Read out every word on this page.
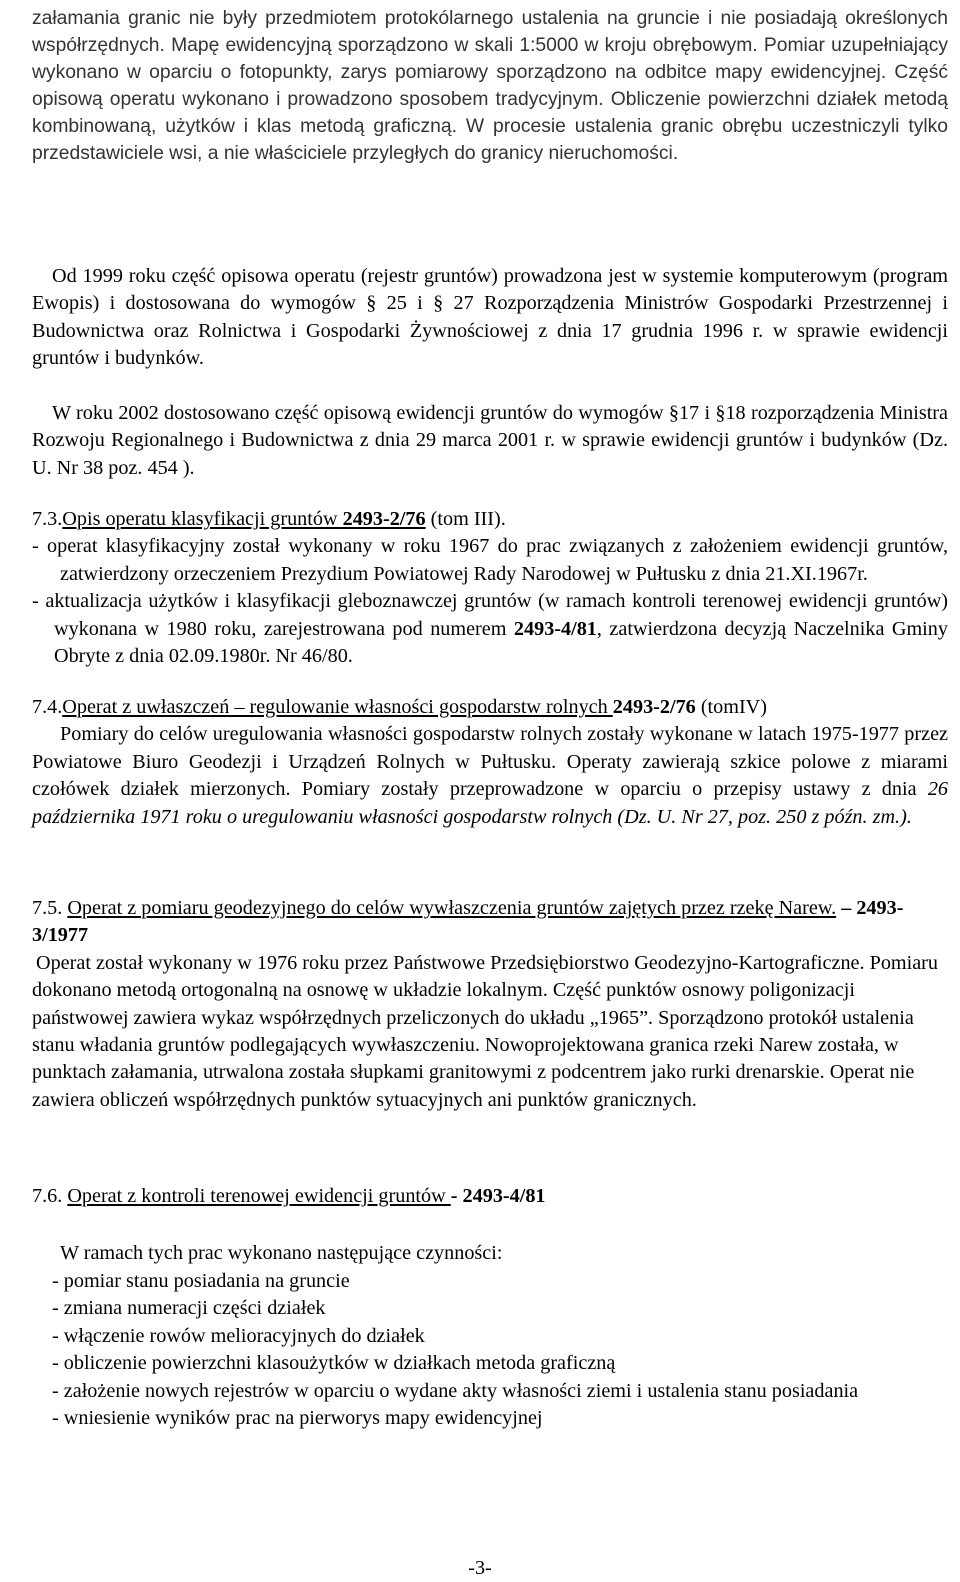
załamania granic nie były przedmiotem protokólarnego ustalenia na gruncie i nie posiadają określonych współrzędnych. Mapę ewidencyjną sporządzono w skali 1:5000 w kroju obrębowym. Pomiar uzupełniający wykonano w oparciu o fotopunkty, zarys pomiarowy sporządzono na odbitce mapy ewidencyjnej. Część opisową operatu wykonano i prowadzono sposobem tradycyjnym. Obliczenie powierzchni działek metodą kombinowaną, użytków i klas metodą graficzną. W procesie ustalenia granic obrębu uczestniczyli tylko przedstawiciele wsi, a nie właściciele przyległych do granicy nieruchomości.

Od 1999 roku część opisowa operatu (rejestr gruntów) prowadzona jest w systemie komputerowym (program Ewopis) i dostosowana do wymogów § 25 i § 27 Rozporządzenia Ministrów Gospodarki Przestrzennej i Budownictwa oraz Rolnictwa i Gospodarki Żywnościowej z dnia 17 grudnia 1996 r. w sprawie ewidencji gruntów i budynków.

W roku 2002 dostosowano część opisową ewidencji gruntów do wymogów §17 i §18 rozporządzenia Ministra Rozwoju Regionalnego i Budownictwa z dnia 29 marca 2001 r. w sprawie ewidencji gruntów i budynków (Dz. U. Nr 38 poz. 454 ).

7.3.Opis operatu klasyfikacji gruntów 2493-2/76 (tom III).
- operat klasyfikacyjny został wykonany w roku 1967 do prac związanych z założeniem ewidencji gruntów, zatwierdzony orzeczeniem Prezydium Powiatowej Rady Narodowej w Pułtusku z dnia 21.XI.1967r.
- aktualizacja użytków i klasyfikacji gleboznawczej gruntów (w ramach kontroli terenowej ewidencji gruntów) wykonana w 1980 roku, zarejestrowana pod numerem 2493-4/81, zatwierdzona decyzją Naczelnika Gminy Obryte z dnia 02.09.1980r. Nr 46/80.
7.4.Operat z uwłaszczeń – regulowanie własności gospodarstw rolnych 2493-2/76 (tomIV)
Pomiary do celów uregulowania własności gospodarstw rolnych zostały wykonane w latach 1975-1977 przez Powiatowe Biuro Geodezji i Urządzeń Rolnych w Pułtusku. Operaty zawierają szkice polowe z miarami czołówek działek mierzonych. Pomiary zostały przeprowadzone w oparciu o przepisy ustawy z dnia 26 października 1971 roku o uregulowaniu własności gospodarstw rolnych (Dz. U. Nr 27, poz. 250 z późn. zm.).
7.5. Operat z pomiaru geodezyjnego do celów wywłaszczenia gruntów zajętych przez rzekę Narew. – 2493-3/1977
Operat został wykonany w 1976 roku przez Państwowe Przedsiębiorstwo Geodezyjno-Kartograficzne. Pomiaru dokonano metodą ortogonalną na osnowę w układzie lokalnym. Część punktów osnowy poligonizacji państwowej zawiera wykaz współrzędnych przeliczonych do układu „1965”. Sporządzono protokół ustalenia stanu władania gruntów podlegających wywłaszczeniu. Nowoprojektowana granica rzeki Narew została, w punktach załamania, utrwalona została słupkami granitowymi z podcentrem jako rurki drenarskie. Operat nie zawiera obliczeń współrzędnych punktów sytuacyjnych ani punktów granicznych.
7.6. Operat z kontroli terenowej ewidencji gruntów - 2493-4/81
W ramach tych prac wykonano następujące czynności:
- pomiar stanu posiadania na gruncie
- zmiana numeracji części działek
- włączenie rowów melioracyjnych do działek
- obliczenie powierzchni klasoużytków w działkach metoda graficzną
- założenie nowych rejestrów w oparciu o wydane akty własności ziemi i ustalenia stanu posiadania
- wniesienie wyników prac na pierworys mapy ewidencyjnej
-3-
